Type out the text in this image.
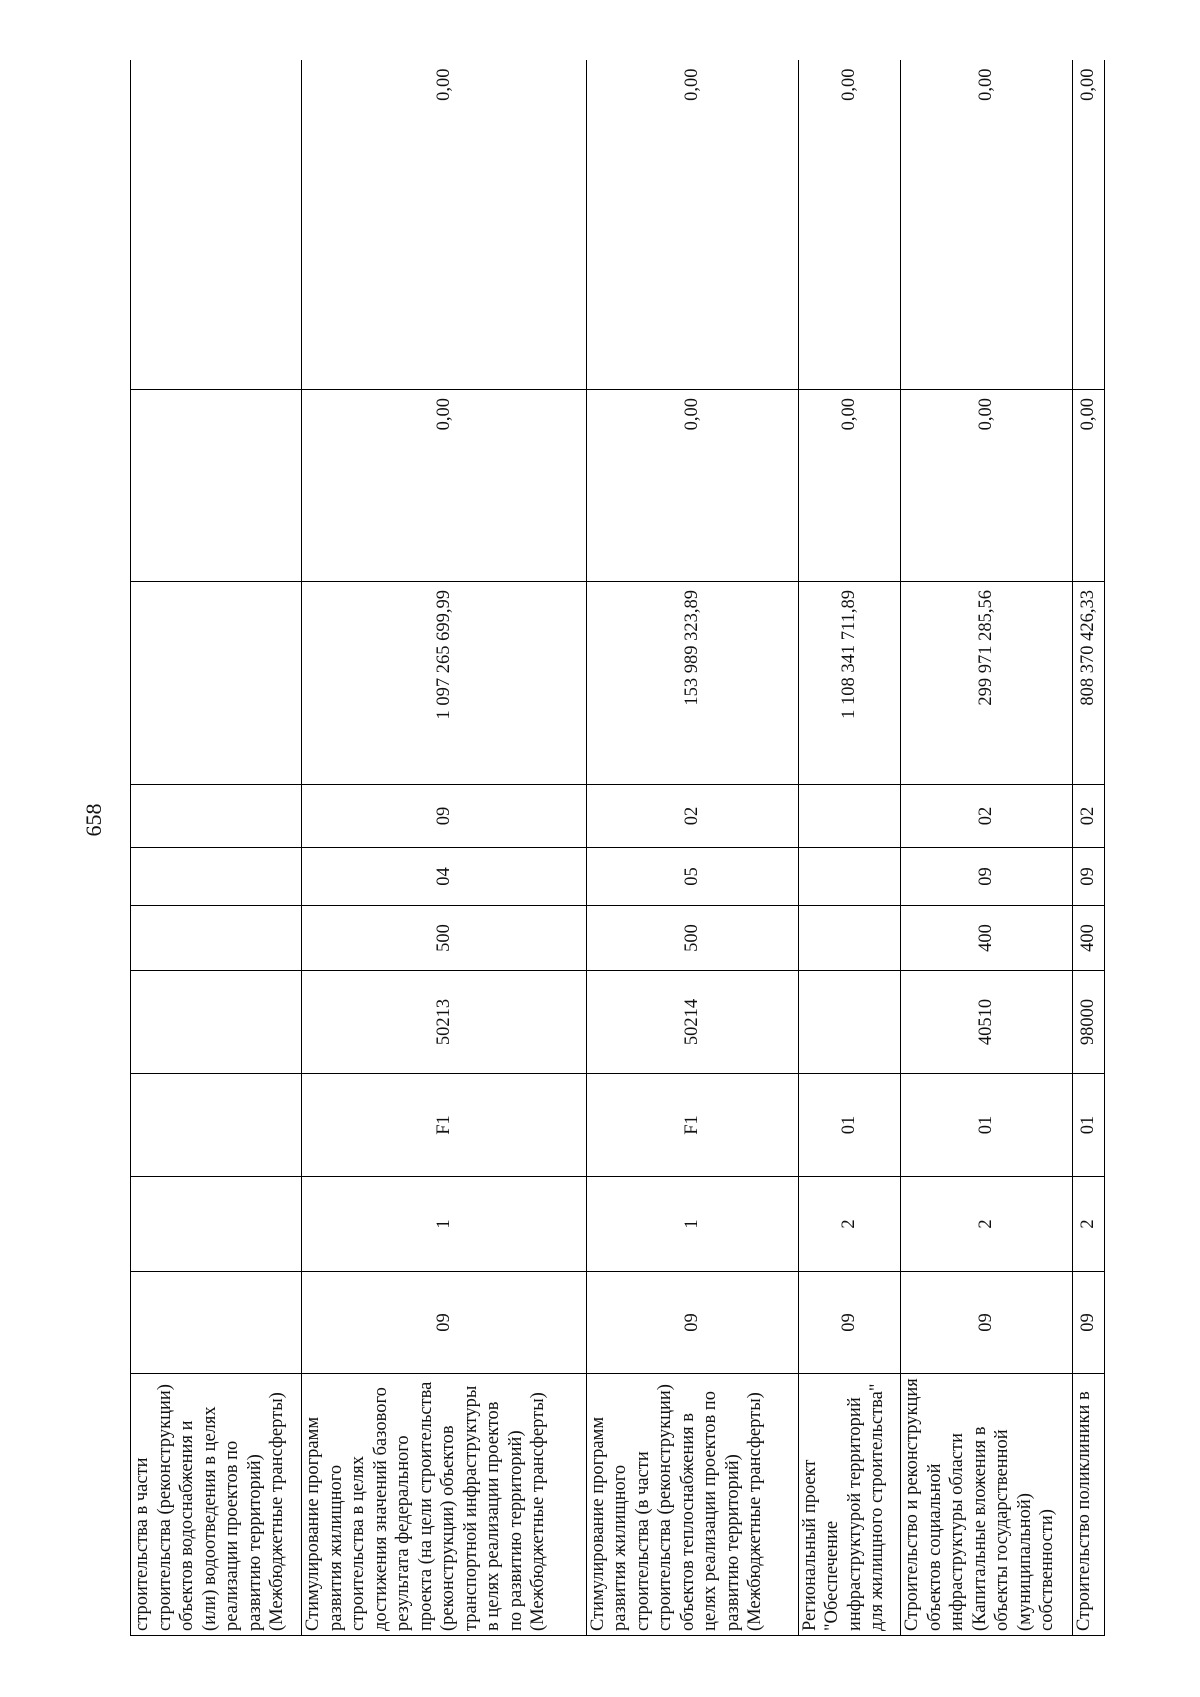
658
строительства в части строительства (реконструкции) объектов водоснабжения и (или) водоотведения в целях реализации проектов по развитию территорий) (Межбюджетные трансферты)										
Стимулирование программ развития жилищного строительства в целях достижения значений базового результата федерального проекта (на цели строительства (реконструкции) объектов транспортной инфраструктуры в целях реализации проектов по развитию территорий) (Межбюджетные трансферты)	09	1	F1	50213	500	04	09	1 097 265 699,99	0,00	0,00
Стимулирование программ развития жилищного строительства (в части строительства (реконструкции) объектов теплоснабжения в целях реализации проектов по развитию территорий) (Межбюджетные трансферты)	09	1	F1	50214	500	05	02	153 989 323,89	0,00	0,00
Региональный проект "Обеспечение инфраструктурой территорий для жилищного строительства"	09	2	01					1 108 341 711,89	0,00	0,00
Строительство и реконструкция объектов социальной инфраструктуры области (Капитальные вложения в объекты государственной (муниципальной) собственности)	09	2	01	40510	400	09	02	299 971 285,56	0,00	0,00
Строительство поликлиники в	09	2	01	98000	400	09	02	808 370 426,33	0,00	0,00
